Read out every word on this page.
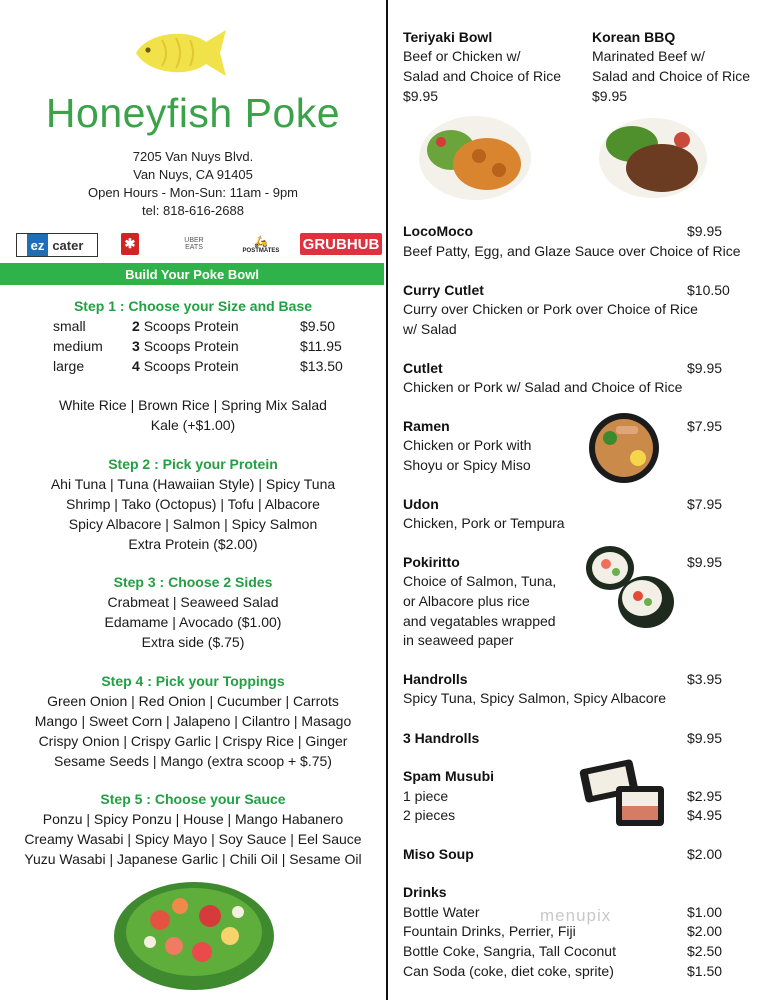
Honeyfish Poke
7205 Van Nuys Blvd.
Van Nuys, CA 91405
Open Hours - Mon-Sun: 11am - 9pm
tel: 818-616-2688
ez cater	✱	UBER
EATS	🛵
POSTMATES GRUBHUB
Build Your Poke Bowl
Step 1 : Choose your Size and Base
small	2 Scoops Protein	$9.50
medium 3 Scoops Protein	$11.95
large	4 Scoops Protein	$13.50
White Rice | Brown Rice | Spring Mix Salad
Kale (+$1.00)
Step 2 : Pick your Protein
Ahi Tuna | Tuna (Hawaiian Style) | Spicy Tuna
Shrimp | Tako (Octopus) | Tofu | Albacore
Spicy Albacore | Salmon | Spicy Salmon
Extra Protein ($2.00)
Step 3 : Choose 2 Sides
Crabmeat | Seaweed Salad
Edamame | Avocado ($1.00)
Extra side ($.75)
Step 4 : Pick your Toppings
Green Onion | Red Onion | Cucumber | Carrots
Mango | Sweet Corn | Jalapeno | Cilantro | Masago
Crispy Onion | Crispy Garlic | Crispy Rice | Ginger
Sesame Seeds | Mango (extra scoop + $.75)
Step 5 : Choose your Sauce
Ponzu | Spicy Ponzu | House | Mango Habanero
Creamy Wasabi | Spicy Mayo | Soy Sauce | Eel Sauce
Yuzu Wasabi | Japanese Garlic | Chili Oil | Sesame Oil
Teriyaki Bowl
Beef or Chicken w/
Salad and Choice of Rice
$9.95
Korean BBQ
Marinated Beef w/
Salad and Choice of Rice
$9.95
LocoMoco	$9.95
Beef Patty, Egg, and Glaze Sauce over Choice of Rice
Curry Cutlet	$10.50
Curry over Chicken or Pork over Choice of Rice
w/ Salad
Cutlet	$9.95
Chicken or Pork w/ Salad and Choice of Rice
Ramen	$7.95
Chicken or Pork with
Shoyu or Spicy Miso
Udon	$7.95
Chicken, Pork or Tempura
Pokiritto	$9.95
Choice of Salmon, Tuna,
or Albacore plus rice
and vegatables wrapped
in seaweed paper
Handrolls	$3.95
Spicy Tuna, Spicy Salmon, Spicy Albacore
3 Handrolls	$9.95
Spam Musubi
1 piece	$2.95
2 pieces	$4.95
Miso Soup	$2.00
Drinks
Bottle Water	$1.00
Fountain Drinks, Perrier, Fiji	$2.00
Bottle Coke, Sangria, Tall Coconut	$2.50
Can Soda (coke, diet coke, sprite)	$1.50
menupix
